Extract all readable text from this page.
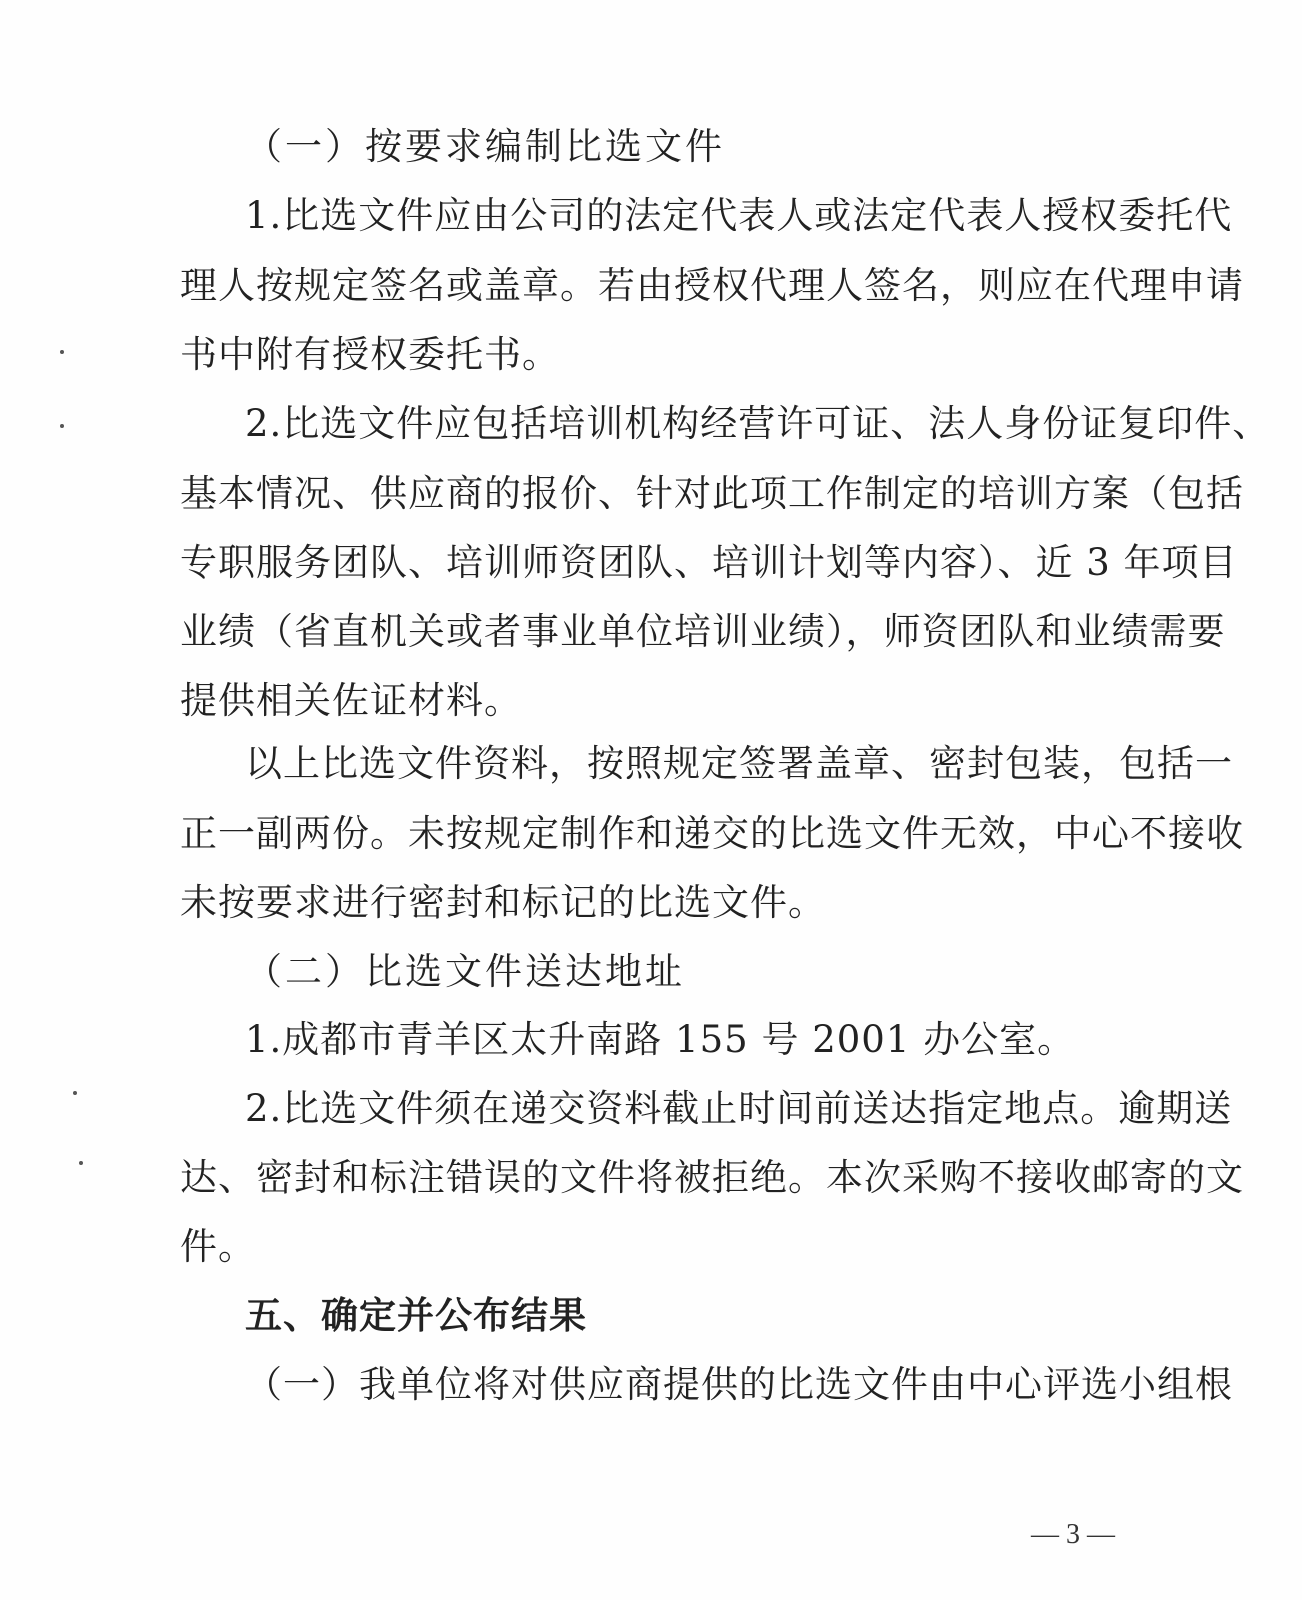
（一）按要求编制比选文件
1.比选文件应由公司的法定代表人或法定代表人授权委托代
理人按规定签名或盖章。若由授权代理人签名，则应在代理申请
书中附有授权委托书。
2.比选文件应包括培训机构经营许可证、法人身份证复印件、
基本情况、供应商的报价、针对此项工作制定的培训方案（包括
专职服务团队、培训师资团队、培训计划等内容）、近 3 年项目
业绩（省直机关或者事业单位培训业绩），师资团队和业绩需要
提供相关佐证材料。
以上比选文件资料，按照规定签署盖章、密封包装，包括一
正一副两份。未按规定制作和递交的比选文件无效，中心不接收
未按要求进行密封和标记的比选文件。
（二）比选文件送达地址
1.成都市青羊区太升南路 155 号 2001 办公室。
2.比选文件须在递交资料截止时间前送达指定地点。逾期送
达、密封和标注错误的文件将被拒绝。本次采购不接收邮寄的文
件。
五、确定并公布结果
（一）我单位将对供应商提供的比选文件由中心评选小组根
— 3 —
